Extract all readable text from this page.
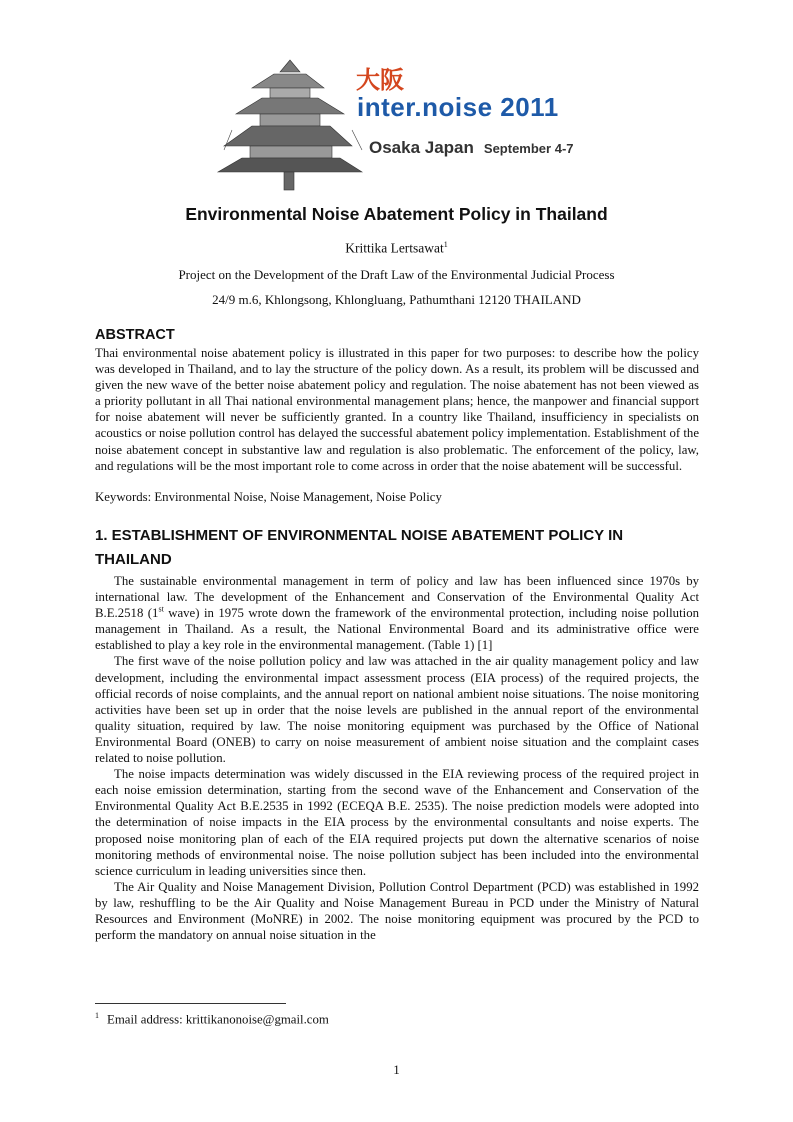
大阪
inter.noise 2011
Osaka Japan September 4-7
Environmental Noise Abatement Policy in Thailand
Krittika Lertsawat$^1$
Project on the Development of the Draft Law of the Environmental Judicial Process
24/9 m.6, Khlongsong, Khlongluang, Pathumthani 12120 THAILAND
ABSTRACT
Thai environmental noise abatement policy is illustrated in this paper for two purposes: to describe how the policy was developed in Thailand, and to lay the structure of the policy down. As a result, its problem will be discussed and given the new wave of the better noise abatement policy and regulation. The noise abatement has not been viewed as a priority pollutant in all Thai national environmental management plans; hence, the manpower and financial support for noise abatement will never be sufficiently granted. In a country like Thailand, insufficiency in specialists on acoustics or noise pollution control has delayed the successful abatement policy implementation. Establishment of the noise abatement concept in substantive law and regulation is also problematic. The enforcement of the policy, law, and regulations will be the most important role to come across in order that the noise abatement will be successful.
Keywords: Environmental Noise, Noise Management, Noise Policy
1. ESTABLISHMENT OF ENVIRONMENTAL NOISE ABATEMENT POLICY IN THAILAND

The sustainable environmental management in term of policy and law has been influenced since 1970s by international law. The development of the Enhancement and Conservation of the Environmental Quality Act B.E.2518 (1st wave) in 1975 wrote down the framework of the environmental protection, including noise pollution management in Thailand. As a result, the National Environmental Board and its administrative office were established to play a key role in the environmental management. (Table 1) [1]

The first wave of the noise pollution policy and law was attached in the air quality management policy and law development, including the environmental impact assessment process (EIA process) of the required projects, the official records of noise complaints, and the annual report on national ambient noise situations. The noise monitoring activities have been set up in order that the noise levels are published in the annual report of the environmental quality situation, required by law. The noise monitoring equipment was purchased by the Office of National Environmental Board (ONEB) to carry on noise measurement of ambient noise situation and the complaint cases related to noise pollution.

The noise impacts determination was widely discussed in the EIA reviewing process of the required project in each noise emission determination, starting from the second wave of the Enhancement and Conservation of the Environmental Quality Act B.E.2535 in 1992 (ECEQA B.E. 2535). The noise prediction models were adopted into the determination of noise impacts in the EIA process by the environmental consultants and noise experts. The proposed noise monitoring plan of each of the EIA required projects put down the alternative scenarios of noise monitoring methods of environmental noise. The noise pollution subject has been included into the environmental science curriculum in leading universities since then.

The Air Quality and Noise Management Division, Pollution Control Department (PCD) was established in 1992 by law, reshuffling to be the Air Quality and Noise Management Bureau in PCD under the Ministry of Natural Resources and Environment (MoNRE) in 2002. The noise monitoring equipment was procured by the PCD to perform the mandatory on annual noise situation in the

$^1$ Email address: krittikanonoise@gmail.com
1
